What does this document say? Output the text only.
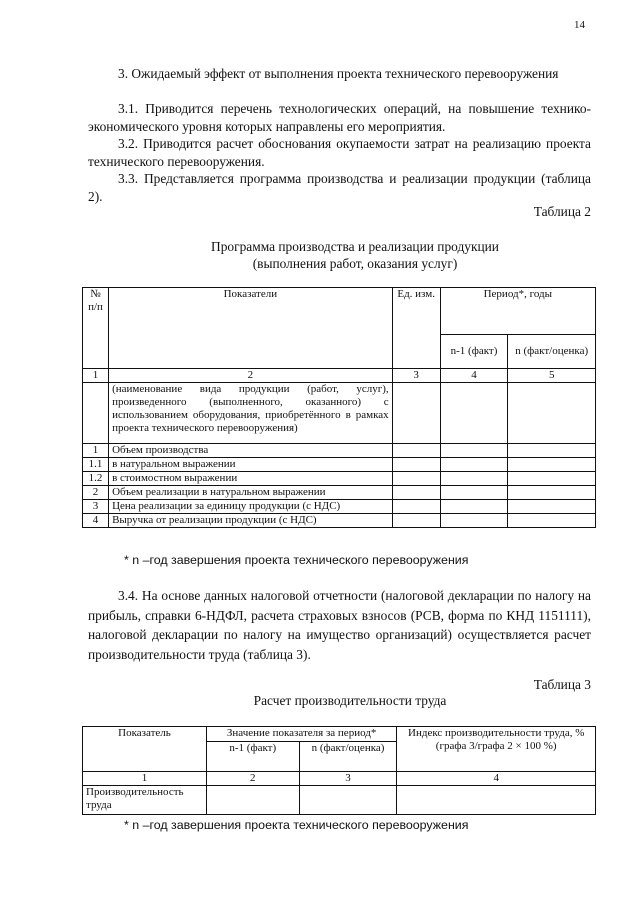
14
3. Ожидаемый эффект от выполнения проекта технического перевооружения
3.1. Приводится перечень технологических операций, на повышение технико-экономического уровня которых направлены его мероприятия.
3.2. Приводится расчет обоснования окупаемости затрат на реализацию проекта технического перевооружения.
3.3. Представляется программа производства и реализации продукции (таблица 2).
Таблица 2
Программа производства и реализации продукции
(выполнения работ, оказания услуг)
№ п/п	Показатели	Ед. изм.	Период*, годы	
			n-1 (факт)	n (факт/оценка)
1	2	3	4	5
	(наименование вида продукции (работ, услуг), произведенного (выполненного, оказанного) с использованием оборудования, приобретённого в рамках проекта технического перевооружения)			
1	Объем производства			
1.1	в натуральном выражении			
1.2	в стоимостном выражении			
2	Объем реализации в натуральном выражении			
3	Цена реализации за единицу продукции (с НДС)			
4	Выручка от реализации продукции (с НДС)			
* n –год завершения проекта технического перевооружения
3.4. На основе данных налоговой отчетности (налоговой декларации по налогу на прибыль, справки 6-НДФЛ, расчета страховых взносов (РСВ, форма по КНД 1151111), налоговой декларации по налогу на имущество организаций) осуществляется расчет производительности труда (таблица 3).
Таблица 3
Расчет производительности труда
Показатель	Значение показателя за период*		Индекс производительности труда, % (графа 3/графа 2 × 100 %)
	n-1 (факт)	n (факт/оценка)	
1	2	3	4
Производительность труда			
* n –год завершения проекта технического перевооружения
